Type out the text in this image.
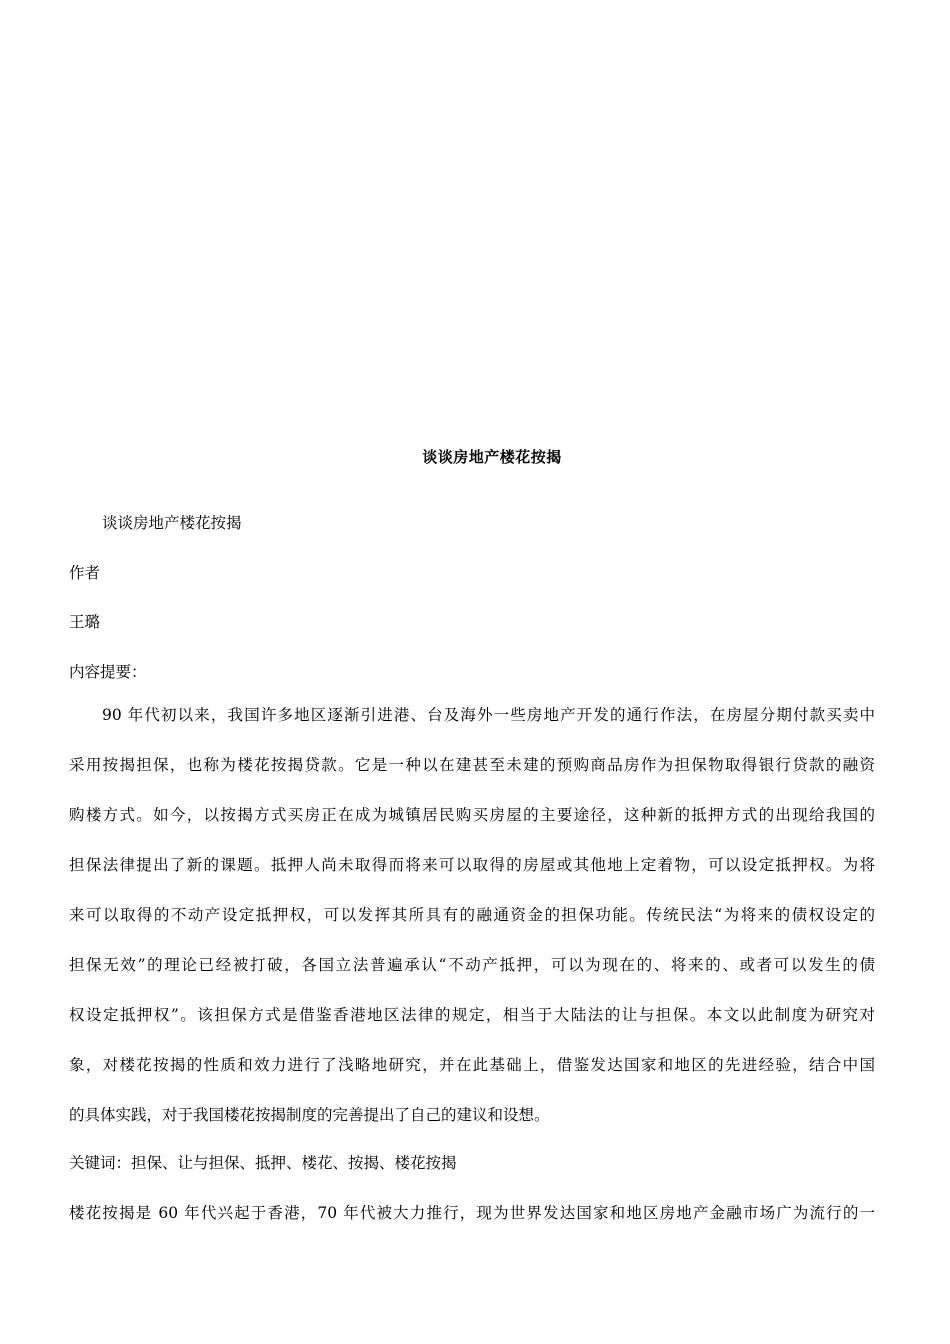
谈谈房地产楼花按揭
谈谈房地产楼花按揭
作者
王璐
内容提要：
90 年代初以来，我国许多地区逐渐引进港、台及海外一些房地产开发的通行作法，在房屋分期付款买卖中
采用按揭担保，也称为楼花按揭贷款。它是一种以在建甚至未建的预购商品房作为担保物取得银行贷款的融资
购楼方式。如今，以按揭方式买房正在成为城镇居民购买房屋的主要途径，这种新的抵押方式的出现给我国的
担保法律提出了新的课题。抵押人尚未取得而将来可以取得的房屋或其他地上定着物，可以设定抵押权。为将
来可以取得的不动产设定抵押权，可以发挥其所具有的融通资金的担保功能。传统民法“为将来的债权设定的
担保无效”的理论已经被打破，各国立法普遍承认“不动产抵押，可以为现在的、将来的、或者可以发生的债
权设定抵押权”。该担保方式是借鉴香港地区法律的规定，相当于大陆法的让与担保。本文以此制度为研究对
象，对楼花按揭的性质和效力进行了浅略地研究，并在此基础上，借鉴发达国家和地区的先进经验，结合中国
的具体实践，对于我国楼花按揭制度的完善提出了自己的建议和设想。
关键词：担保、让与担保、抵押、楼花、按揭、楼花按揭
楼花按揭是 60 年代兴起于香港，70 年代被大力推行，现为世界发达国家和地区房地产金融市场广为流行的一
